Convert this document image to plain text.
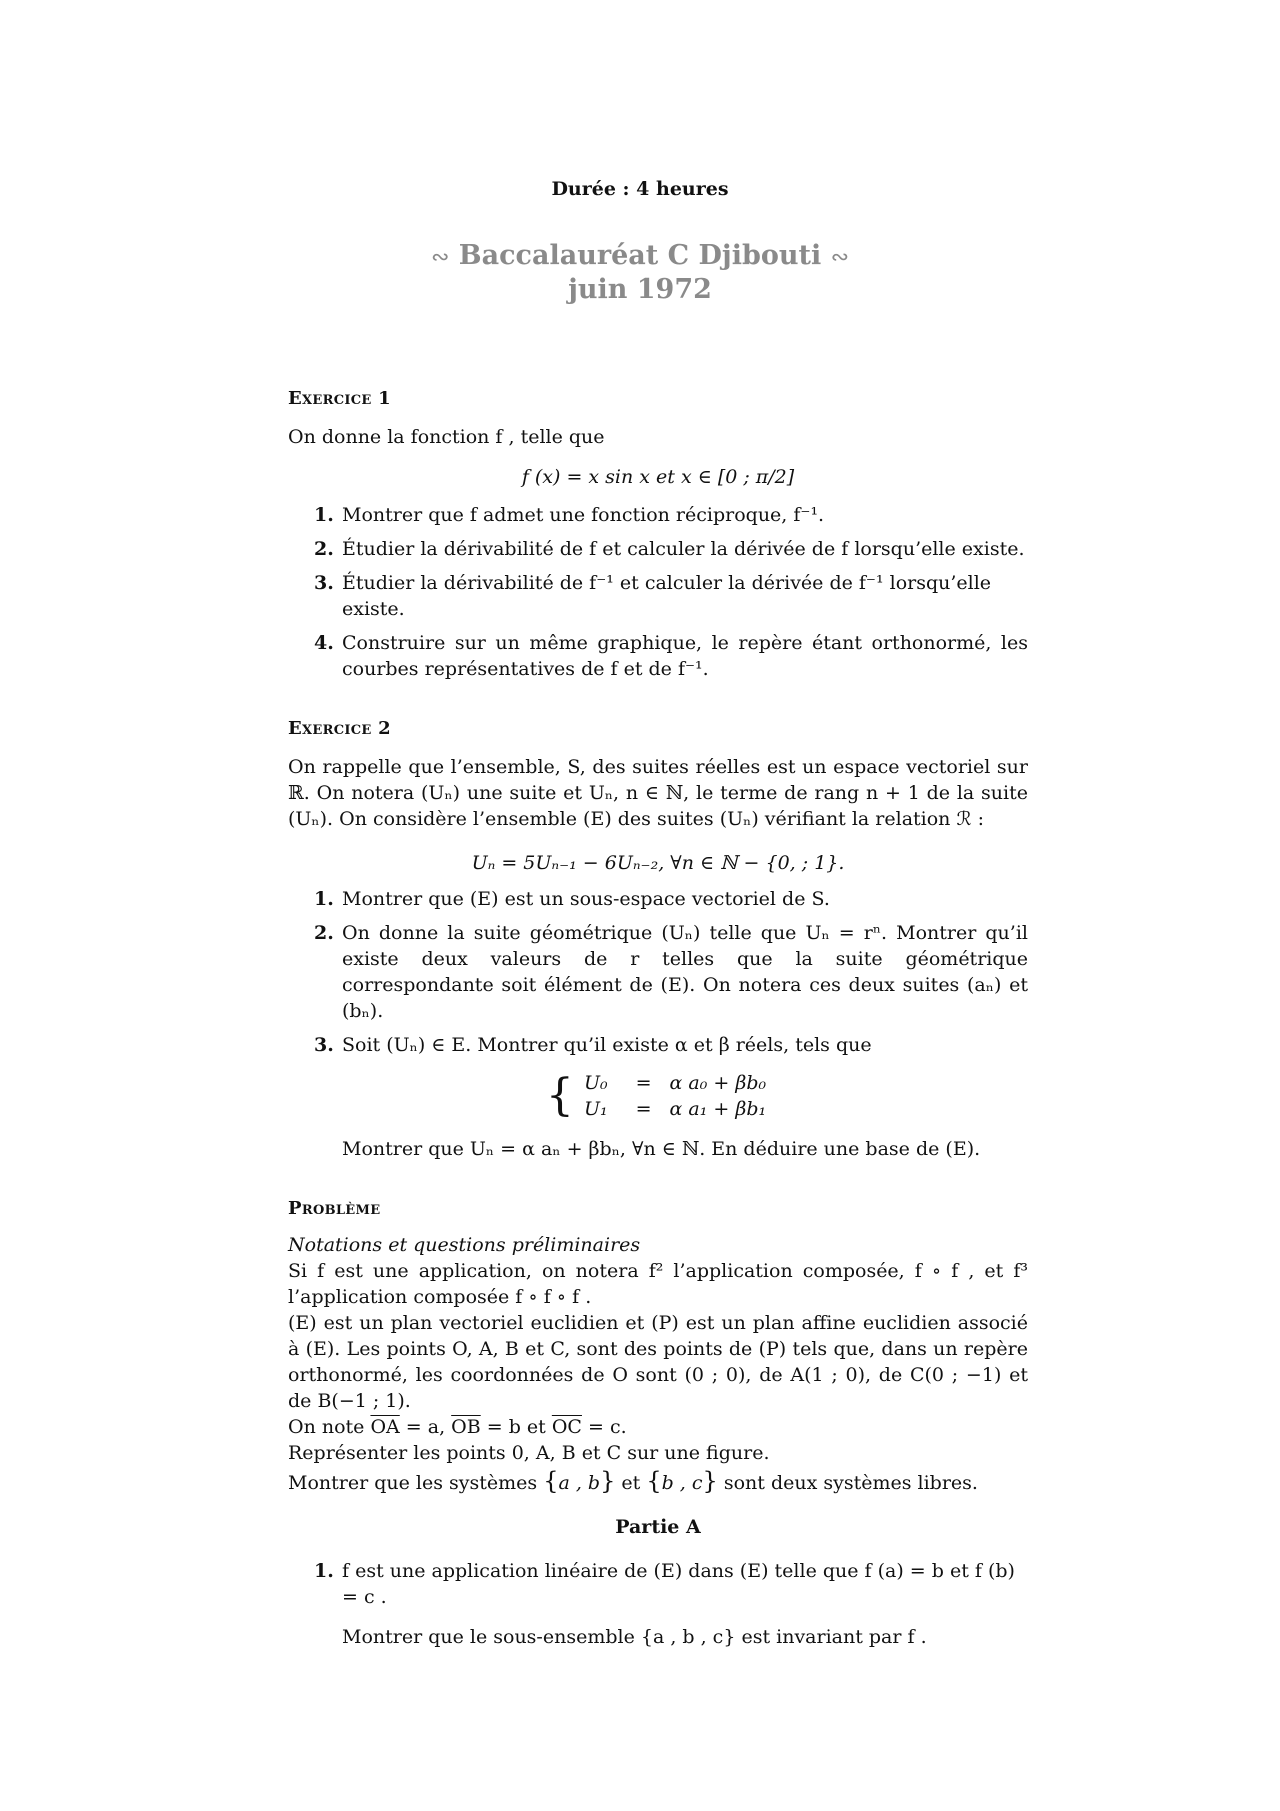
Durée : 4 heures
∾ Baccalauréat C Djibouti ∾
juin 1972
Exercice 1
On donne la fonction f , telle que
f (x) = x sin x et x ∈ [0 ; π/2]
1. Montrer que f admet une fonction réciproque, f⁻¹.
2. Étudier la dérivabilité de f et calculer la dérivée de f lorsqu’elle existe.
3. Étudier la dérivabilité de f⁻¹ et calculer la dérivée de f⁻¹ lorsqu’elle existe.
4. Construire sur un même graphique, le repère étant orthonormé, les courbes représentatives de f et de f⁻¹.
Exercice 2
On rappelle que l’ensemble, S, des suites réelles est un espace vectoriel sur ℝ. On notera (Uₙ) une suite et Uₙ, n ∈ ℕ, le terme de rang n + 1 de la suite (Uₙ). On considère l’ensemble (E) des suites (Uₙ) vérifiant la relation ℛ :
Uₙ = 5Uₙ₋₁ − 6Uₙ₋₂, ∀n ∈ ℕ − {0, ; 1}.
1. Montrer que (E) est un sous-espace vectoriel de S.
2. On donne la suite géométrique (Uₙ) telle que Uₙ = rⁿ. Montrer qu’il existe deux valeurs de r telles que la suite géométrique correspondante soit élément de (E). On notera ces deux suites (aₙ) et (bₙ).
3. Soit (Uₙ) ∈ E. Montrer qu’il existe α et β réels, tels que
{ U₀	=	α a₀ + βb₀
U₁	=	α a₁ + βb₁
Montrer que Uₙ = α aₙ + βbₙ, ∀n ∈ ℕ. En déduire une base de (E).
Problème
Notations et questions préliminaires
Si f est une application, on notera f² l’application composée, f ∘ f , et f³ l’application composée f ∘ f ∘ f .
(E) est un plan vectoriel euclidien et (P) est un plan affine euclidien associé à (E). Les points O, A, B et C, sont des points de (P) tels que, dans un repère orthonormé, les coordonnées de O sont (0 ; 0), de A(1 ; 0), de C(0 ; −1) et de B(−1 ; 1).
On note $\overline{OA} = a$, $\overline{OB} = b$ et $\overline{OC} = c$.
Représenter les points 0, A, B et C sur une figure.
Montrer que les systèmes {a , b} et {b , c} sont deux systèmes libres.
Partie A
1. f est une application linéaire de (E) dans (E) telle que f (a) = b et f (b) = c .
Montrer que le sous-ensemble {a , b , c} est invariant par f .
